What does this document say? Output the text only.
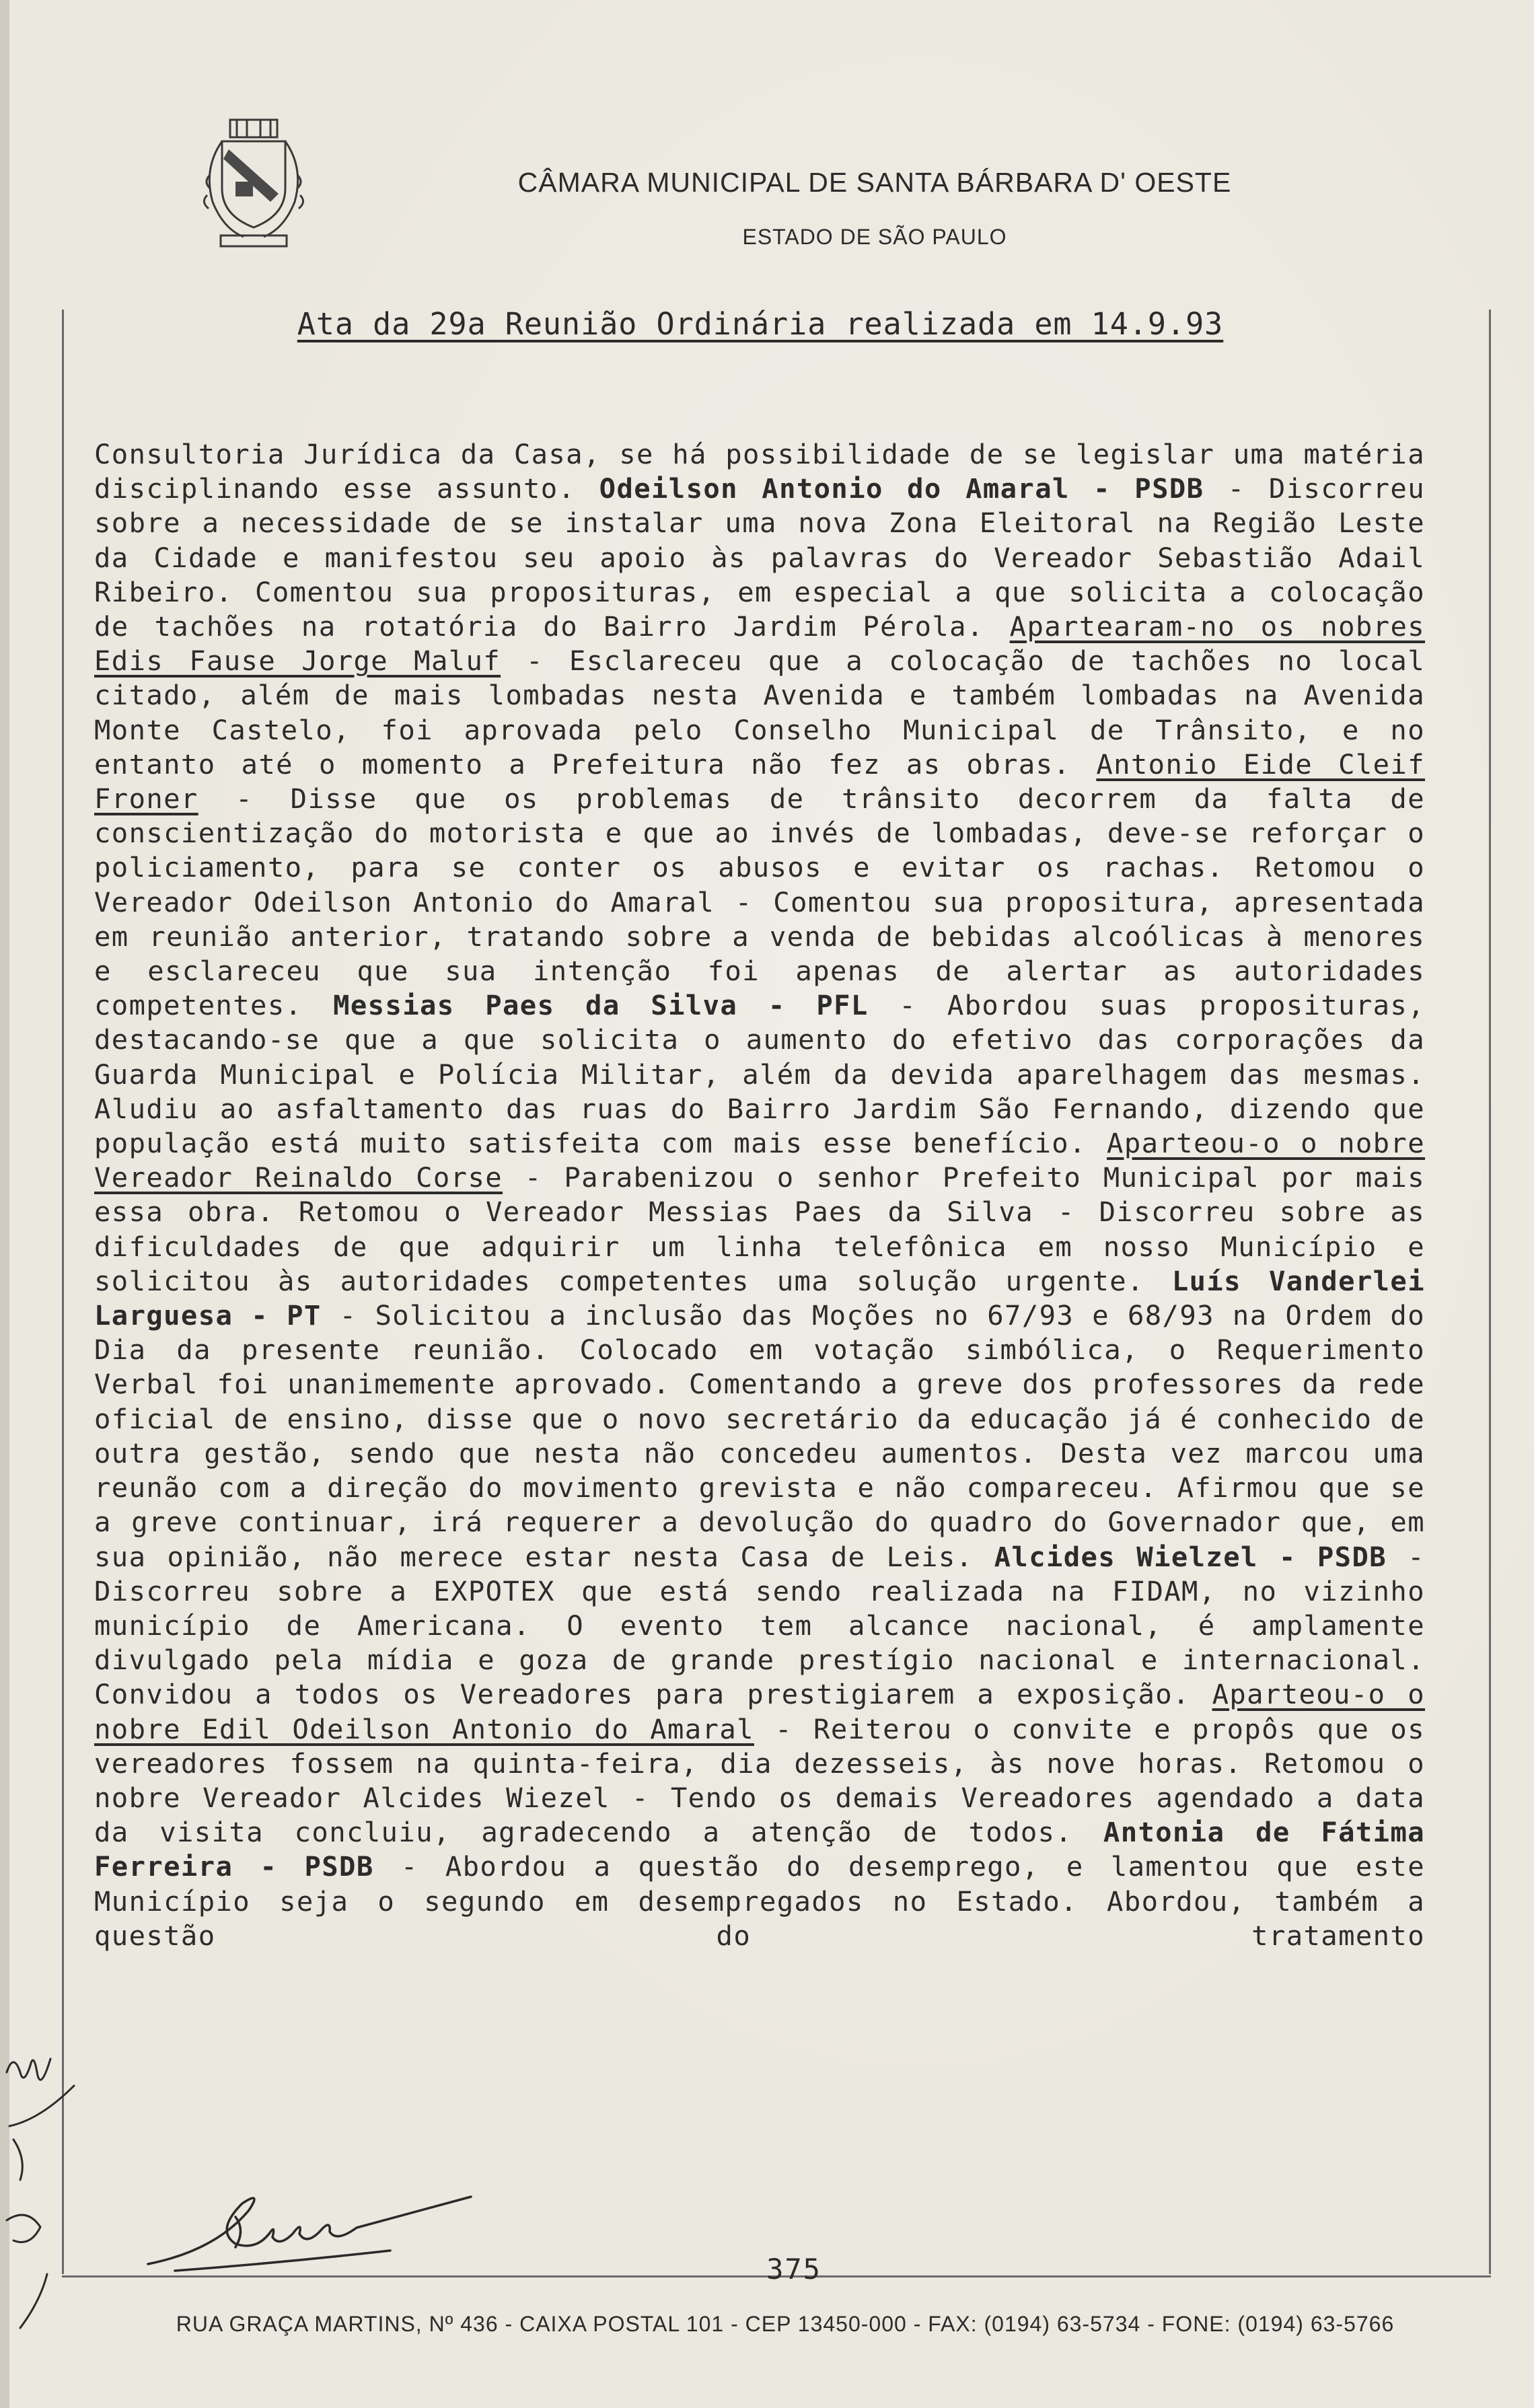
CÂMARA MUNICIPAL DE SANTA BÁRBARA D' OESTE
ESTADO DE SÃO PAULO
Ata da 29a Reunião Ordinária realizada em 14.9.93

Consultoria Jurídica da Casa, se há possibilidade de se legislar uma matéria disciplinando esse assunto. Odeilson Antonio do Amaral - PSDB - Discorreu sobre a necessidade de se instalar uma nova Zona Eleitoral na Região Leste da Cidade e manifestou seu apoio às palavras do Vereador Sebastião Adail Ribeiro. Comentou sua proposituras, em especial a que solicita a colocação de tachões na rotatória do Bairro Jardim Pérola. Apartearam-no os nobres Edis Fause Jorge Maluf - Esclareceu que a colocação de tachões no local citado, além de mais lombadas nesta Avenida e também lombadas na Avenida Monte Castelo, foi aprovada pelo Conselho Municipal de Trânsito, e no entanto até o momento a Prefeitura não fez as obras. Antonio Eide Cleif Froner - Disse que os problemas de trânsito decorrem da falta de conscientização do motorista e que ao invés de lombadas, deve-se reforçar o policiamento, para se conter os abusos e evitar os rachas. Retomou o Vereador Odeilson Antonio do Amaral - Comentou sua propositura, apresentada em reunião anterior, tratando sobre a venda de bebidas alcoólicas à menores e esclareceu que sua intenção foi apenas de alertar as autoridades competentes. Messias Paes da Silva - PFL - Abordou suas proposituras, destacando-se que a que solicita o aumento do efetivo das corporações da Guarda Municipal e Polícia Militar, além da devida aparelhagem das mesmas. Aludiu ao asfaltamento das ruas do Bairro Jardim São Fernando, dizendo que população está muito satisfeita com mais esse benefício. Aparteou-o o nobre Vereador Reinaldo Corse - Parabenizou o senhor Prefeito Municipal por mais essa obra. Retomou o Vereador Messias Paes da Silva - Discorreu sobre as dificuldades de que adquirir um linha telefônica em nosso Município e solicitou às autoridades competentes uma solução urgente. Luís Vanderlei Larguesa - PT - Solicitou a inclusão das Moções no 67/93 e 68/93 na Ordem do Dia da presente reunião. Colocado em votação simbólica, o Requerimento Verbal foi unanimemente aprovado. Comentando a greve dos professores da rede oficial de ensino, disse que o novo secretário da educação já é conhecido de outra gestão, sendo que nesta não concedeu aumentos. Desta vez marcou uma reunão com a direção do movimento grevista e não compareceu. Afirmou que se a greve continuar, irá requerer a devolução do quadro do Governador que, em sua opinião, não merece estar nesta Casa de Leis. Alcides Wielzel - PSDB - Discorreu sobre a EXPOTEX que está sendo realizada na FIDAM, no vizinho município de Americana. O evento tem alcance nacional, é amplamente divulgado pela mídia e goza de grande prestígio nacional e internacional. Convidou a todos os Vereadores para prestigiarem a exposição. Aparteou-o o nobre Edil Odeilson Antonio do Amaral - Reiterou o convite e propôs que os vereadores fossem na quinta-feira, dia dezesseis, às nove horas. Retomou o nobre Vereador Alcides Wiezel - Tendo os demais Vereadores agendado a data da visita concluiu, agradecendo a atenção de todos. Antonia de Fátima Ferreira - PSDB - Abordou a questão do desemprego, e lamentou que este Município seja o segundo em desempregados no Estado. Abordou, também a questão do tratamento

375
RUA GRAÇA MARTINS, Nº 436 - CAIXA POSTAL 101 - CEP 13450-000 - FAX: (0194) 63-5734 - FONE: (0194) 63-5766
